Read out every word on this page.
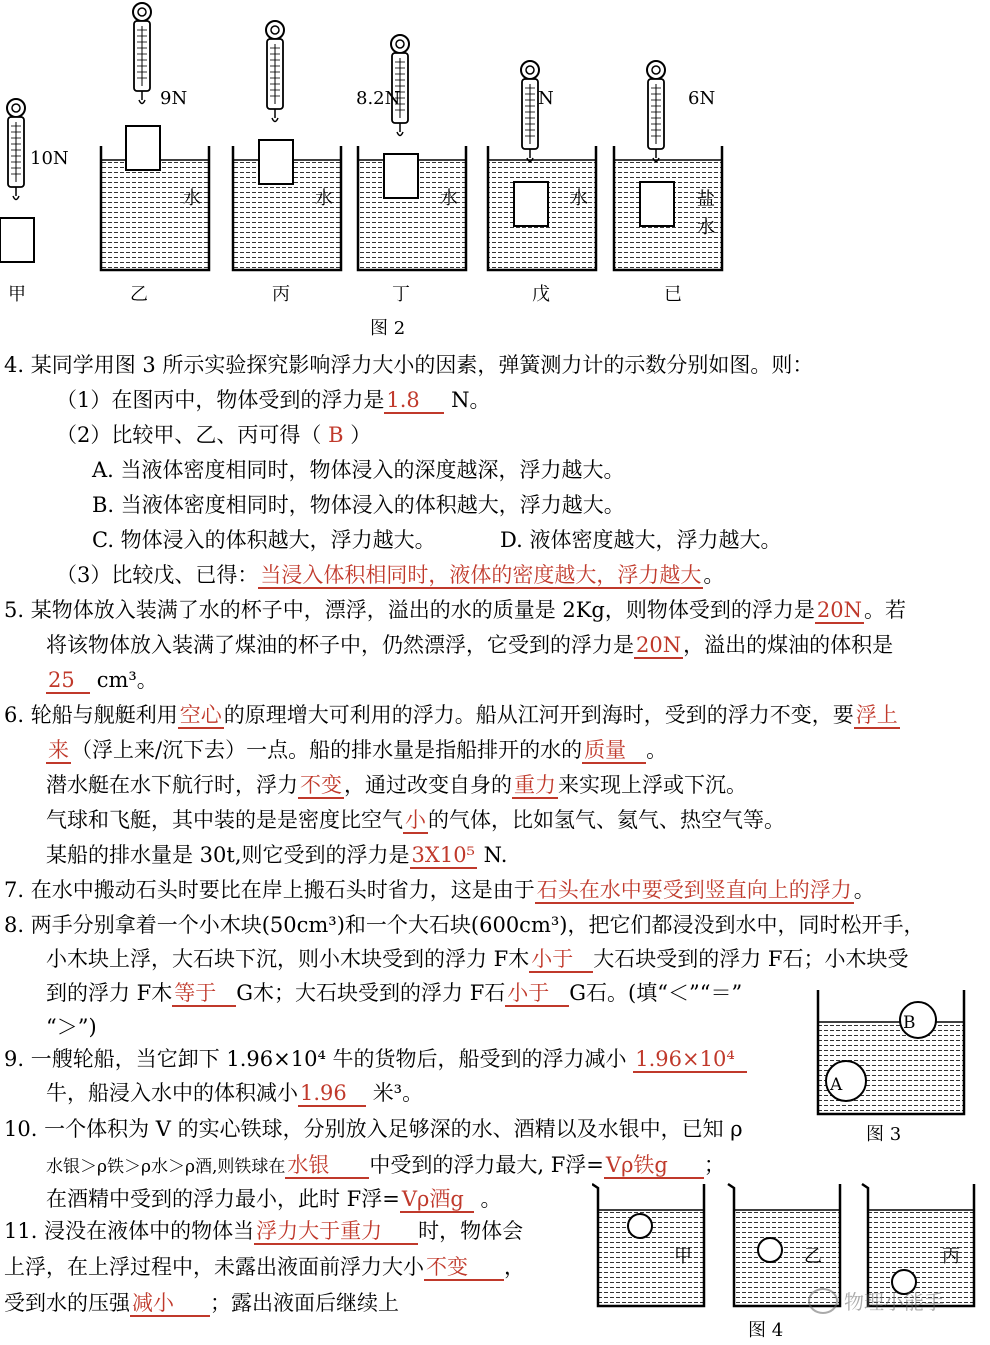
10N
9N	8.2N	N	6N
水	水	水	水	盐
水
甲	乙	丙	丁	戊	已
图 2
4. 某同学用图 3 所示实验探究影响浮力大小的因素，弹簧测力计的示数分别如图。则：
（1）在图丙中，物体受到的浮力是1.8 N。
（2）比较甲、乙、丙可得（ B ）
A. 当液体密度相同时，物体浸入的深度越深，浮力越大。
B. 当液体密度相同时，物体浸入的体积越大，浮力越大。
C. 物体浸入的体积越大，浮力越大。	D. 液体密度越大，浮力越大。
（3）比较戊、已得：当浸入体积相同时，液体的密度越大，浮力越大。
5. 某物体放入装满了水的杯子中，漂浮，溢出的水的质量是 2Kg，则物体受到的浮力是20N。若
将该物体放入装满了煤油的杯子中，仍然漂浮，它受到的浮力是20N，溢出的煤油的体积是
25 cm³。
6. 轮船与舰艇利用空心的原理增大可利用的浮力。船从江河开到海时，受到的浮力不变，要浮上
来（浮上来/沉下去）一点。船的排水量是指船排开的水的质量 。
潜水艇在水下航行时，浮力不变，通过改变自身的重力来实现上浮或下沉。
气球和飞艇，其中装的是是密度比空气小的气体，比如氢气、氦气、热空气等。
某船的排水量是 30t,则它受到的浮力是3X10⁵ N.
7. 在水中搬动石头时要比在岸上搬石头时省力，这是由于石头在水中要受到竖直向上的浮力。
8. 两手分别拿着一个小木块(50cm³)和一个大石块(600cm³)，把它们都浸没到水中，同时松开手，
小木块上浮，大石块下沉，则小木块受到的浮力 F木小于 大石块受到的浮力 F石；小木块受
到的浮力 F木等于 G木；大石块受到的浮力 F石小于 G石。(填“＜”“＝”
“＞”)	B
A
图 3
9. 一艘轮船，当它卸下 1.96×10⁴ 牛的货物后，船受到的浮力减小 1.96×10⁴
牛，船浸入水中的体积减小1.96 米³。
10. 一个体积为 V 的实心铁球，分别放入足够深的水、酒精以及水银中，已知 ρ
水银＞ρ铁＞ρ水＞ρ酒,则铁球在水银 中受到的浮力最大, F浮=Vρ铁g ；
在酒精中受到的浮力最小，此时 F浮=Vρ酒g 。
11. 浸没在液体中的物体当浮力大于重力 时，物体会
上浮，在上浮过程中，未露出液面前浮力大小不变 ，
受到水的压强减小 ；露出液面后继续上
甲	乙	丙
图 4
物理小能手
